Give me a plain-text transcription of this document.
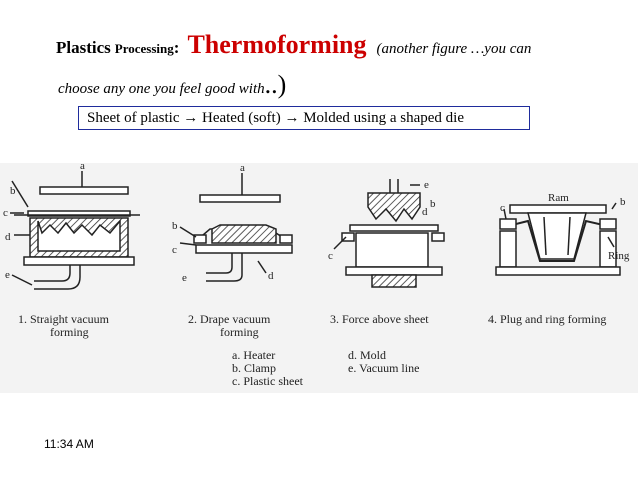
Plastics Processing: Thermoforming (another figure …you can
choose any one you feel good with..)
Sheet of plastic → Heated (soft) → Molded using a shaped die
a
b
c
d
e
a
b
c
d
e
e
b
d
c
Ram
c	b
Ring
1. Straight vacuum
forming
2. Drape vacuum
forming
3. Force above sheet	4. Plug and ring forming
a. Heater
b. Clamp
c. Plastic sheet
d. Mold
e. Vacuum line
11:34 AM
